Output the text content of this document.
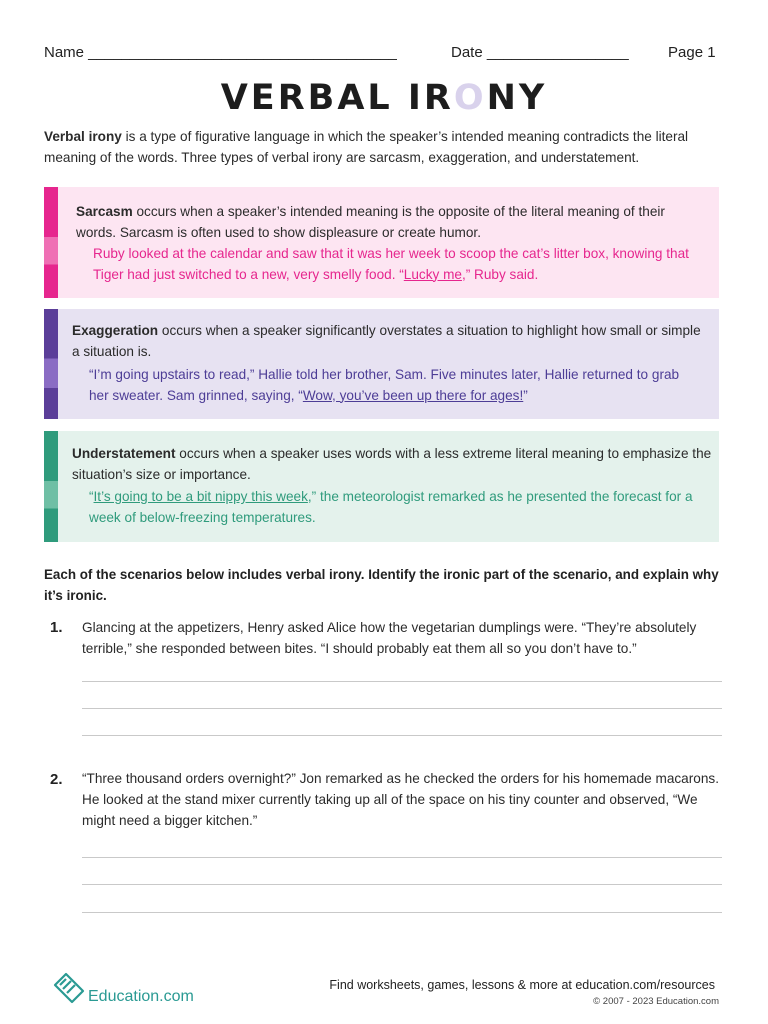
Name _____________________________________	Date _________________	Page 1
VERBAL IRONY
Verbal irony is a type of figurative language in which the speaker’s intended meaning contradicts the literal meaning of the words. Three types of verbal irony are sarcasm, exaggeration, and understatement.
Sarcasm occurs when a speaker’s intended meaning is the opposite of the literal meaning of their words. Sarcasm is often used to show displeasure or create humor.
Ruby looked at the calendar and saw that it was her week to scoop the cat’s litter box, knowing that Tiger had just switched to a new, very smelly food. “Lucky me,” Ruby said.
Exaggeration occurs when a speaker significantly overstates a situation to highlight how small or simple a situation is.
“I’m going upstairs to read,” Hallie told her brother, Sam. Five minutes later, Hallie returned to grab her sweater. Sam grinned, saying, “Wow, you’ve been up there for ages!”
Understatement occurs when a speaker uses words with a less extreme literal meaning to emphasize the situation’s size or importance.
“It’s going to be a bit nippy this week,” the meteorologist remarked as he presented the forecast for a week of below-freezing temperatures.
Each of the scenarios below includes verbal irony. Identify the ironic part of the scenario, and explain why it’s ironic.
1. Glancing at the appetizers, Henry asked Alice how the vegetarian dumplings were. “They’re absolutely terrible,” she responded between bites. “I should probably eat them all so you don’t have to.”
2. “Three thousand orders overnight?” Jon remarked as he checked the orders for his homemade macarons. He looked at the stand mixer currently taking up all of the space on his tiny counter and observed, “We might need a bigger kitchen.”
Education.com
Find worksheets, games, lessons & more at education.com/resources
© 2007 - 2023 Education.com
